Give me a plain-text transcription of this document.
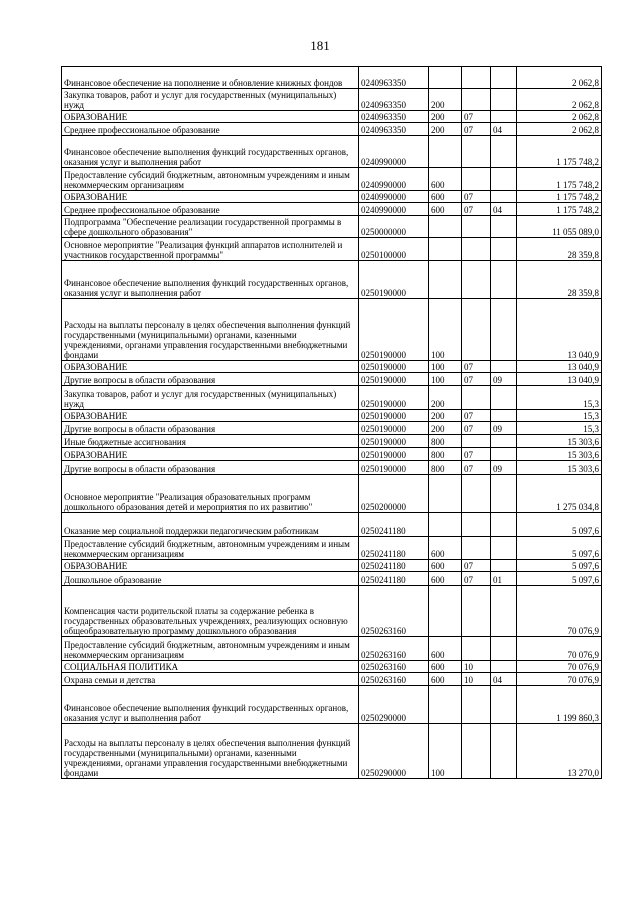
181
Финансовое обеспечение на пополнение и обновление книжных фондов	0240963350				2 062,8
Закупка товаров, работ и услуг для государственных (муниципальных) нужд	0240963350	200			2 062,8
ОБРАЗОВАНИЕ	0240963350	200	07		2 062,8
Среднее профессиональное образование	0240963350	200	07	04	2 062,8
Финансовое обеспечение выполнения функций государственных органов, оказания услуг и выполнения работ	0240990000				1 175 748,2
Предоставление субсидий бюджетным, автономным учреждениям и иным некоммерческим организациям	0240990000	600			1 175 748,2
ОБРАЗОВАНИЕ	0240990000	600	07		1 175 748,2
Среднее профессиональное образование	0240990000	600	07	04	1 175 748,2
Подпрограмма "Обеспечение реализации государственной программы в сфере дошкольного образования"	0250000000				11 055 089,0
Основное мероприятие "Реализация функций аппаратов исполнителей и участников государственной программы"	0250100000				28 359,8
Финансовое обеспечение выполнения функций государственных органов, оказания услуг и выполнения работ	0250190000				28 359,8
Расходы на выплаты персоналу в целях обеспечения выполнения функций государственными (муниципальными) органами, казенными учреждениями, органами управления государственными внебюджетными фондами	0250190000	100			13 040,9
ОБРАЗОВАНИЕ	0250190000	100	07		13 040,9
Другие вопросы в области образования	0250190000	100	07	09	13 040,9
Закупка товаров, работ и услуг для государственных (муниципальных) нужд	0250190000	200			15,3
ОБРАЗОВАНИЕ	0250190000	200	07		15,3
Другие вопросы в области образования	0250190000	200	07	09	15,3
Иные бюджетные ассигнования	0250190000	800			15 303,6
ОБРАЗОВАНИЕ	0250190000	800	07		15 303,6
Другие вопросы в области образования	0250190000	800	07	09	15 303,6
Основное мероприятие "Реализация образовательных программ дошкольного образования детей и мероприятия по их развитию"	0250200000				1 275 034,8
Оказание мер социальной поддержки педагогическим работникам	0250241180				5 097,6
Предоставление субсидий бюджетным, автономным учреждениям и иным некоммерческим организациям	0250241180	600			5 097,6
ОБРАЗОВАНИЕ	0250241180	600	07		5 097,6
Дошкольное образование	0250241180	600	07	01	5 097,6
Компенсация части родительской платы за содержание ребенка в государственных образовательных учреждениях, реализующих основную общеобразовательную программу дошкольного образования	0250263160				70 076,9
Предоставление субсидий бюджетным, автономным учреждениям и иным некоммерческим организациям	0250263160	600			70 076,9
СОЦИАЛЬНАЯ ПОЛИТИКА	0250263160	600	10		70 076,9
Охрана семьи и детства	0250263160	600	10	04	70 076,9
Финансовое обеспечение выполнения функций государственных органов, оказания услуг и выполнения работ	0250290000				1 199 860,3
Расходы на выплаты персоналу в целях обеспечения выполнения функций государственными (муниципальными) органами, казенными учреждениями, органами управления государственными внебюджетными фондами	0250290000	100			13 270,0
